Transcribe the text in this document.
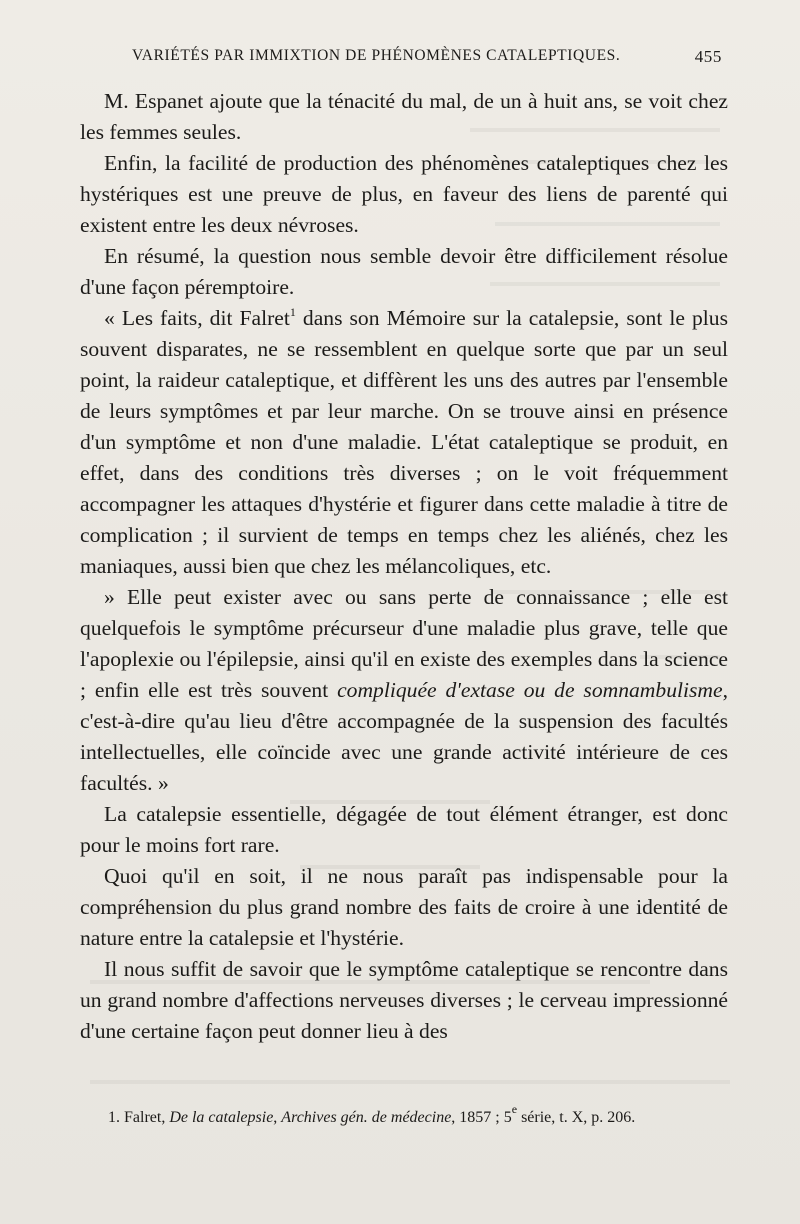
VARIÉTÉS PAR IMMIXTION DE PHÉNOMÈNES CATALEPTIQUES.	455

M. Espanet ajoute que la ténacité du mal, de un à huit ans, se voit chez les femmes seules.

Enfin, la facilité de production des phénomènes cataleptiques chez les hystériques est une preuve de plus, en faveur des liens de parenté qui existent entre les deux névroses.

En résumé, la question nous semble devoir être difficilement résolue d'une façon péremptoire.

« Les faits, dit Falret$^1$ dans son Mémoire sur la catalepsie, sont le plus souvent disparates, ne se ressemblent en quelque sorte que par un seul point, la raideur cataleptique, et diffèrent les uns des autres par l'ensemble de leurs symptômes et par leur marche. On se trouve ainsi en présence d'un symptôme et non d'une maladie. L'état cataleptique se produit, en effet, dans des conditions très diverses ; on le voit fréquemment accompagner les attaques d'hystérie et figurer dans cette maladie à titre de complication ; il survient de temps en temps chez les aliénés, chez les maniaques, aussi bien que chez les mélancoliques, etc.

» Elle peut exister avec ou sans perte de connaissance ; elle est quelquefois le symptôme précurseur d'une maladie plus grave, telle que l'apoplexie ou l'épilepsie, ainsi qu'il en existe des exemples dans la science ; enfin elle est très souvent compliquée d'extase ou de somnambulisme, c'est-à-dire qu'au lieu d'être accompagnée de la suspension des facultés intellectuelles, elle coïncide avec une grande activité intérieure de ces facultés. »

La catalepsie essentielle, dégagée de tout élément étranger, est donc pour le moins fort rare.

Quoi qu'il en soit, il ne nous paraît pas indispensable pour la compréhension du plus grand nombre des faits de croire à une identité de nature entre la catalepsie et l'hystérie.

Il nous suffit de savoir que le symptôme cataleptique se rencontre dans un grand nombre d'affections nerveuses diverses ; le cerveau impressionné d'une certaine façon peut donner lieu à des

1. Falret, De la catalepsie, Archives gén. de médecine, 1857 ; 5e série, t. X, p. 206.
